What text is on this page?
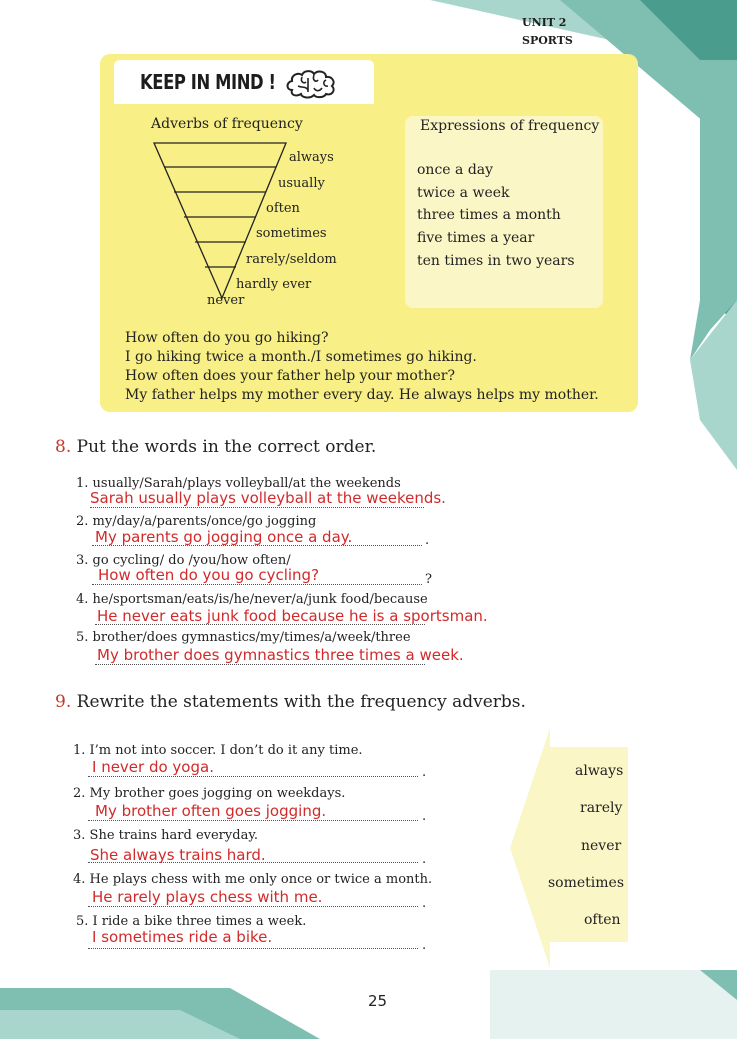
UNIT 2
SPORTS
KEEP IN MIND !
Adverbs of frequency
always
usually
often
sometimes
rarely/seldom
hardly ever
never
Expressions of frequency
once a day
twice a week
three times a month
five times a year
ten times in two years
How often do you go hiking?
I go hiking twice a month./I sometimes go hiking.
How often does your father help your mother?
My father helps my mother every day. He always helps my mother.
8. Put the words in the correct order.
1. usually/Sarah/plays volleyball/at the weekends
Sarah usually plays volleyball at the weekends.
2. my/day/a/parents/once/go jogging
My parents go jogging once a day.	.
3. go cycling/ do /you/how often/
How often do you go cycling?	?
4. he/sportsman/eats/is/he/never/a/junk food/because
He never eats junk food because he is a sportsman.
5. brother/does gymnastics/my/times/a/week/three
My brother does gymnastics three times a week.
9. Rewrite the statements with the frequency adverbs.
1. I’m not into soccer. I don’t do it any time.
I never do yoga.	.
2. My brother goes jogging on weekdays.
My brother often goes jogging.	.
3. She trains hard everyday.
She always trains hard.	.
4. He plays chess with me only once or twice a month.
He rarely plays chess with me.	.
5. I ride a bike three times a week.
I sometimes ride a bike.	.
always
rarely
never
sometimes
often
25
